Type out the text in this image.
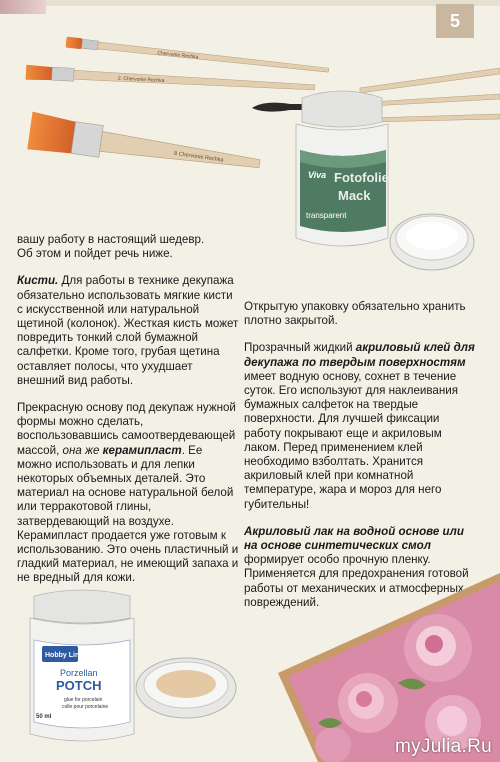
5
Chervonie Rechka
2. Chervonie Rechka
8 Chervonie Rechka
Viva Fotofolie
Mack
transparent

вашу работу в настоящий шедевр.
Об этом и пойдет речь ниже.

Кисти. Для работы в технике декупажа обязательно использовать мягкие кисти с искусственной или натуральной щетиной (колонок). Жесткая кисть может повредить тонкий слой бумажной салфетки. Кроме того, грубая щетина оставляет полосы, что ухудшает внешний вид работы.

Прекрасную основу под декупаж нужной формы можно сделать, воспользовавшись самоотвердевающей массой, она же керамипласт. Ее можно использовать и для лепки некоторых объемных деталей. Это материал на основе натуральной белой или терракотовой глины, затвердевающий на воздухе. Керамипласт продается уже готовым к использованию. Это очень пластичный и гладкий материал, не имеющий запаха и не вредный для кожи.

Открытую упаковку обязательно хранить плотно закрытой.

Прозрачный жидкий акриловый клей для декупажа по твердым поверхностям имеет водную основу, сохнет в течение суток. Его используют для наклеивания бумажных салфеток на твердые поверхности. Для лучшей фиксации работу покрывают еще и акриловым лаком. Перед применением клей необходимо взболтать. Хранится акриловый клей при комнатной температуре, жара и мороз для него губительны!

Акриловый лак на водной основе или на основе синтетических смол формирует особо прочную пленку. Применяется для предохранения готовой работы от механических и атмосферных повреждений.

Hobby Line
Porzellan
POTCH
glue for porcelain
colle pour porcelaine
50 ml
myJulia.Ru
